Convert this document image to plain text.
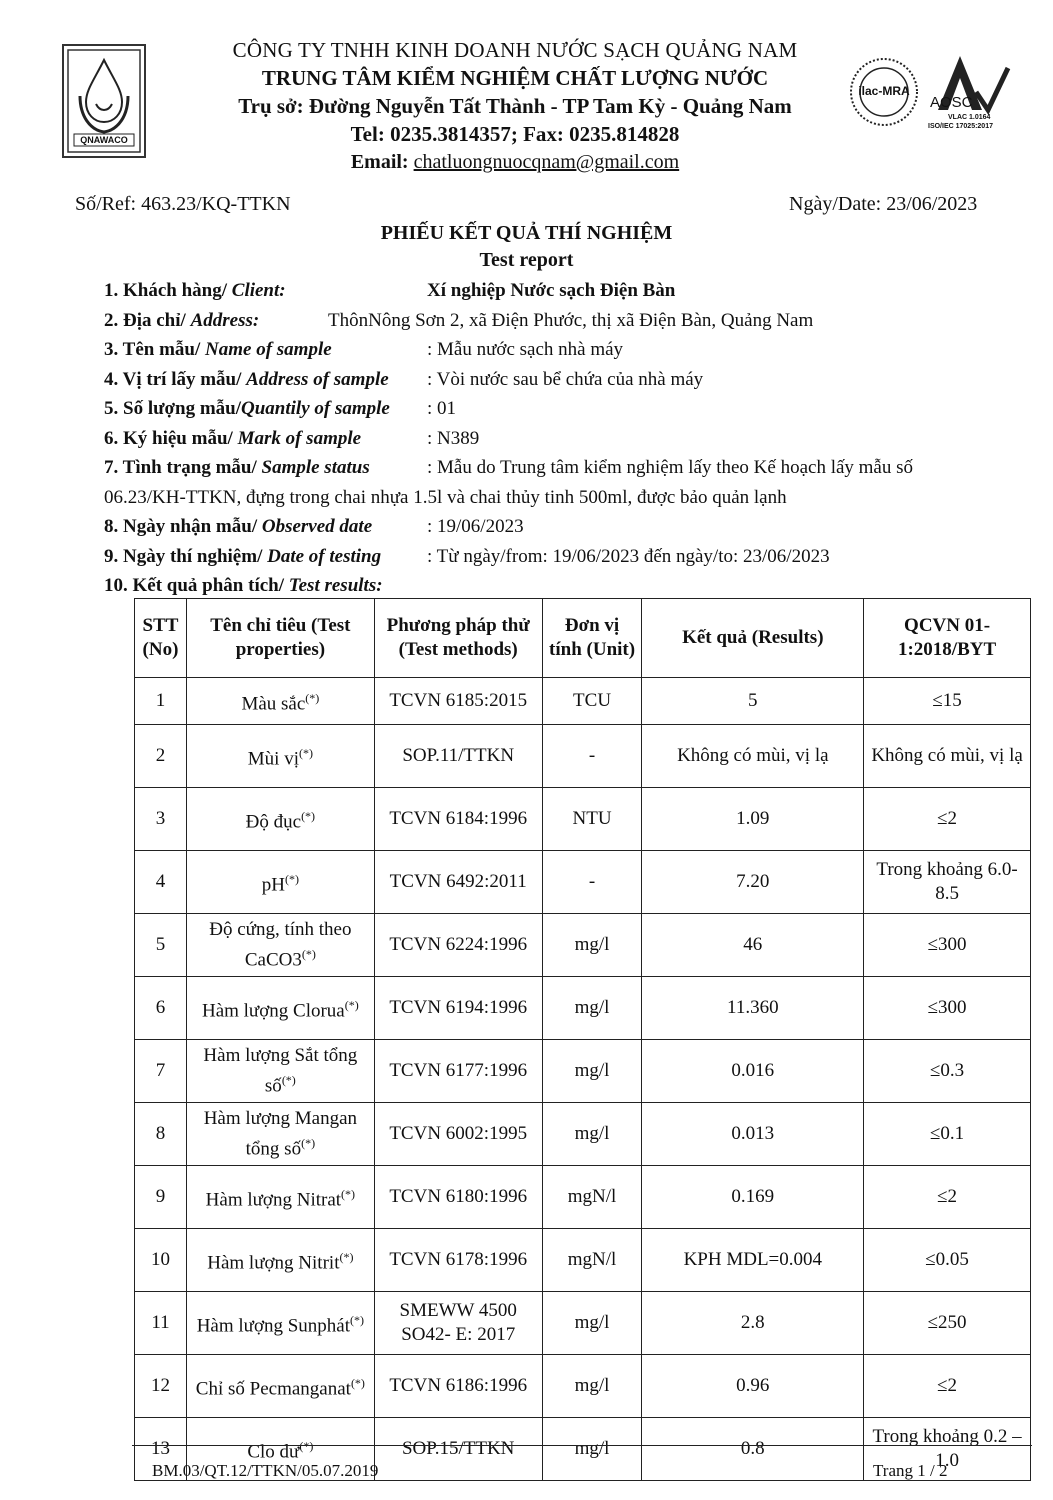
QNAWACO
ilac-MRA
AOSC
VLAC 1.0164
ISO/IEC 17025:2017
CÔNG TY TNHH KINH DOANH NƯỚC SẠCH QUẢNG NAM
TRUNG TÂM KIỂM NGHIỆM CHẤT LƯỢNG NƯỚC
Trụ sở: Đường Nguyễn Tất Thành - TP Tam Kỳ - Quảng Nam
Tel: 0235.3814357; Fax: 0235.814828
Email: chatluongnuocqnam@gmail.com
Số/Ref: 463.23/KQ-TTKN	Ngày/Date: 23/06/2023
PHIẾU KẾT QUẢ THÍ NGHIỆM
Test report
1. Khách hàng/ Client:	Xí nghiệp Nước sạch Điện Bàn
2. Địa chỉ/ Address:	ThônNông Sơn 2, xã Điện Phước, thị xã Điện Bàn, Quảng Nam
3. Tên mẫu/ Name of sample	: Mẫu nước sạch nhà máy
4. Vị trí lấy mẫu/ Address of sample : Vòi nước sau bể chứa của nhà máy
5. Số lượng mẫu/Quantily of sample : 01
6. Ký hiệu mẫu/ Mark of sample	: N389
7. Tình trạng mẫu/ Sample status	: Mẫu do Trung tâm kiểm nghiệm lấy theo Kế hoạch lấy mẫu số
06.23/KH-TTKN, đựng trong chai nhựa 1.5l và chai thủy tinh 500ml, được bảo quản lạnh
8. Ngày nhận mẫu/ Observed date	: 19/06/2023
9. Ngày thí nghiệm/ Date of testing : Từ ngày/from: 19/06/2023 đến ngày/to: 23/06/2023
10. Kết quả phân tích/ Test results:
STT (No)	Tên chỉ tiêu (Test properties)	Phương pháp thử (Test methods)	Đơn vị tính (Unit)	Kết quả (Results)	QCVN 01-1:2018/BYT
1	Màu sắc(*)	TCVN 6185:2015	TCU	5	≤15
2	Mùi vị(*)	SOP.11/TTKN	-	Không có mùi, vị lạ	Không có mùi, vị lạ
3	Độ đục(*)	TCVN 6184:1996	NTU	1.09	≤2
4	pH(*)	TCVN 6492:2011	-	7.20	Trong khoảng 6.0-8.5
5	Độ cứng, tính theo CaCO3(*)	TCVN 6224:1996	mg/l	46	≤300
6	Hàm lượng Clorua(*)	TCVN 6194:1996	mg/l	11.360	≤300
7	Hàm lượng Sắt tổng số(*)	TCVN 6177:1996	mg/l	0.016	≤0.3
8	Hàm lượng Mangan tổng số(*)	TCVN 6002:1995	mg/l	0.013	≤0.1
9	Hàm lượng Nitrat(*)	TCVN 6180:1996	mgN/l	0.169	≤2
10	Hàm lượng Nitrit(*)	TCVN 6178:1996	mgN/l	KPH MDL=0.004	≤0.05
11	Hàm lượng Sunphát(*)	SMEWW 4500 SO42- E: 2017	mg/l	2.8	≤250
12	Chỉ số Pecmanganat(*)	TCVN 6186:1996	mg/l	0.96	≤2
13	Clo dư(*)	SOP.15/TTKN	mg/l	0.8	Trong khoảng 0.2 – 1.0
BM.03/QT.12/TTKN/05.07.2019	Trang 1 / 2
